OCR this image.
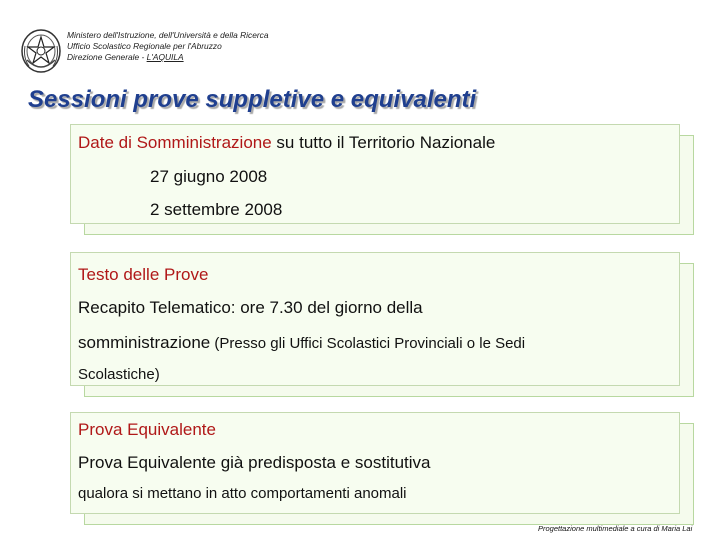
Ministero dell'Istruzione, dell'Università e della Ricerca
Ufficio Scolastico Regionale per l'Abruzzo
Direzione Generale - L'AQUILA
Sessioni prove suppletive e equivalenti
Date di Somministrazione su tutto il Territorio Nazionale
27 giugno 2008
2 settembre 2008
Testo delle Prove
Recapito Telematico: ore 7.30 del giorno della
somministrazione (Presso gli Uffici Scolastici Provinciali o le Sedi
Scolastiche)
Prova Equivalente
Prova Equivalente già predisposta e sostitutiva
qualora si mettano in atto comportamenti anomali
Progettazione multimediale a cura di Maria Lai
